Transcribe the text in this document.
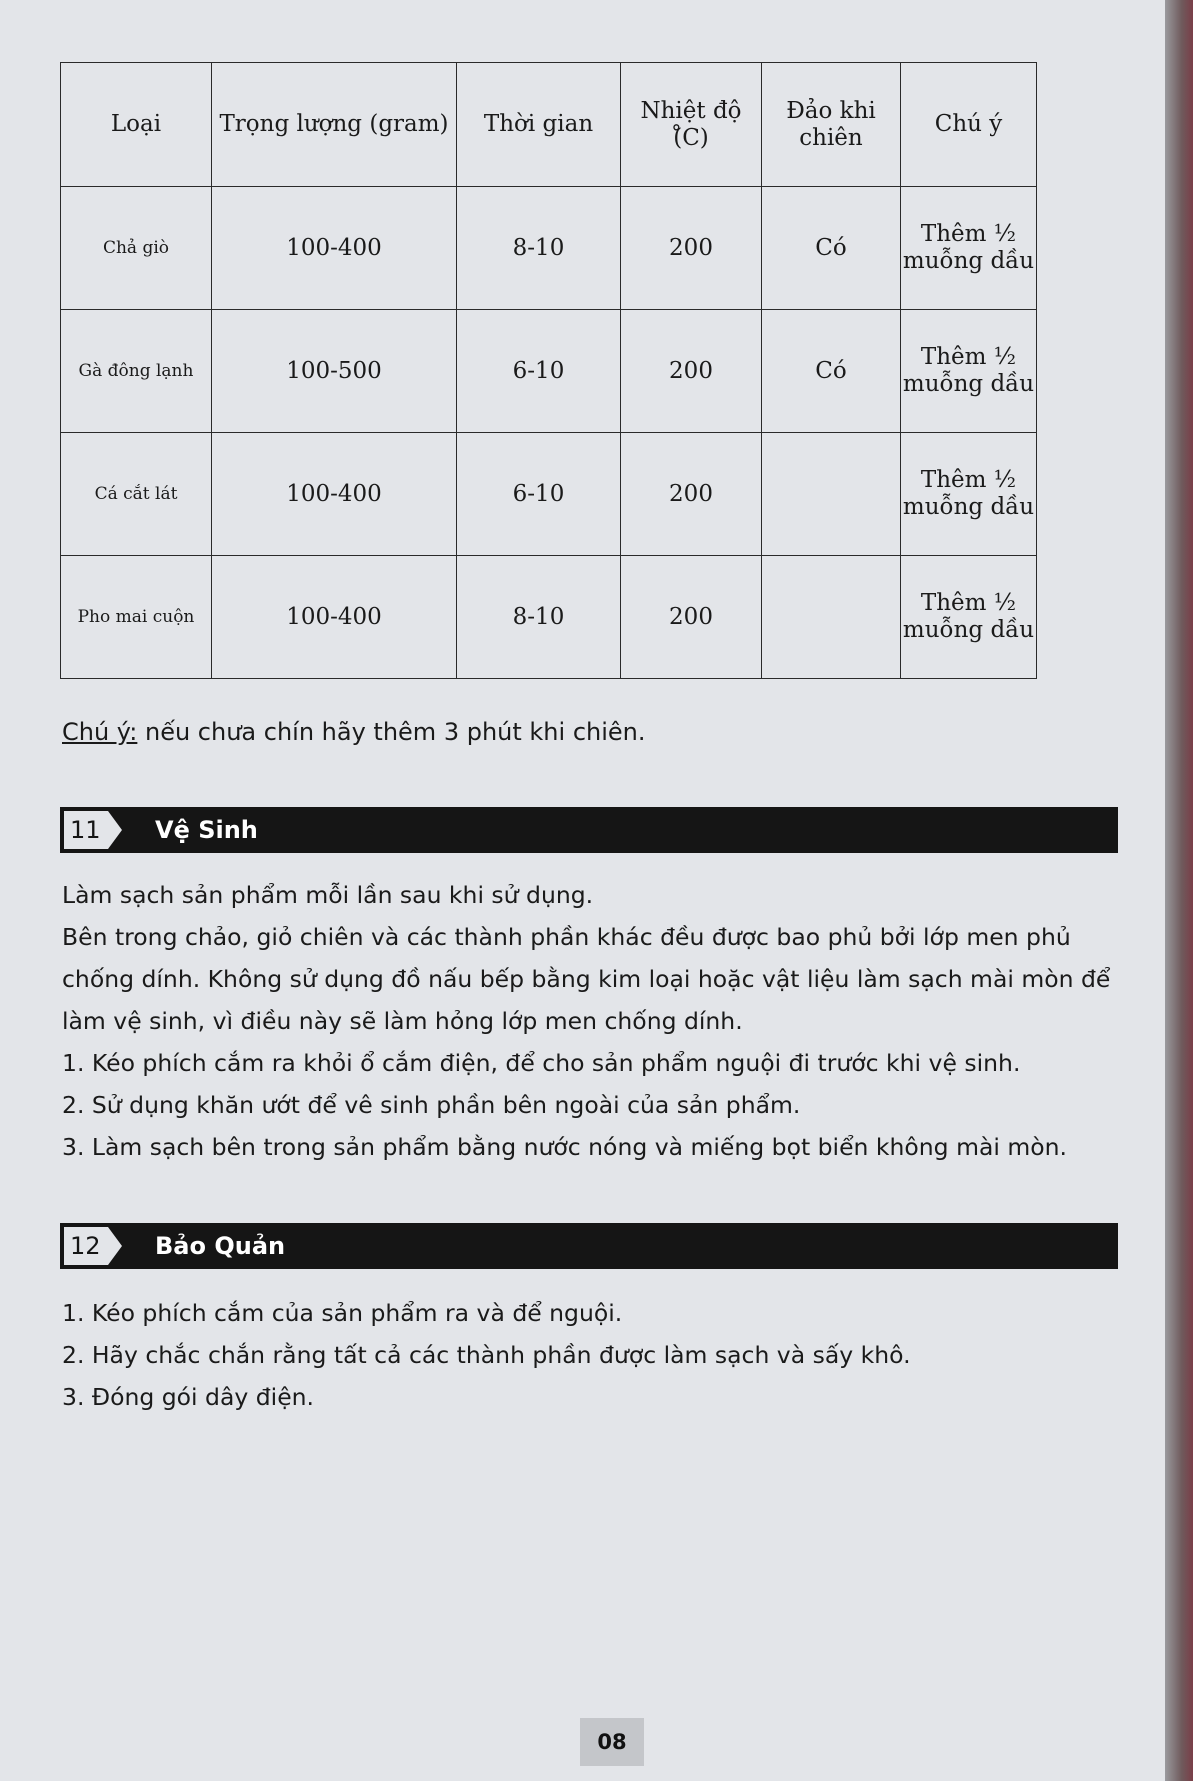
Loại	Trọng lượng (gram)	Thời gian	Nhiệt độ (̊C)	Đảo khi chiên	Chú ý
Chả giò	100-400	8-10	200	Có	Thêm ½ muỗng dầu
Gà đông lạnh	100-500	6-10	200	Có	Thêm ½ muỗng dầu
Cá cắt lát	100-400	6-10	200		Thêm ½ muỗng dầu
Pho mai cuộn	100-400	8-10	200		Thêm ½ muỗng dầu
Chú ý: nếu chưa chín hãy thêm 3 phút khi chiên.
11	Vệ Sinh

Làm sạch sản phẩm mỗi lần sau khi sử dụng.

Bên trong chảo, giỏ chiên và các thành phần khác đều được bao phủ bởi lớp men phủ chống dính. Không sử dụng đồ nấu bếp bằng kim loại hoặc vật liệu làm sạch mài mòn để làm vệ sinh, vì điều này sẽ làm hỏng lớp men chống dính.

1. Kéo phích cắm ra khỏi ổ cắm điện, để cho sản phẩm nguội đi trước khi vệ sinh.

2. Sử dụng khăn ướt để vê sinh phần bên ngoài của sản phẩm.

3. Làm sạch bên trong sản phẩm bằng nước nóng và miếng bọt biển không mài mòn.

12	Bảo Quản

1. Kéo phích cắm của sản phẩm ra và để nguội.

2. Hãy chắc chắn rằng tất cả các thành phần được làm sạch và sấy khô.

3. Đóng gói dây điện.

08
